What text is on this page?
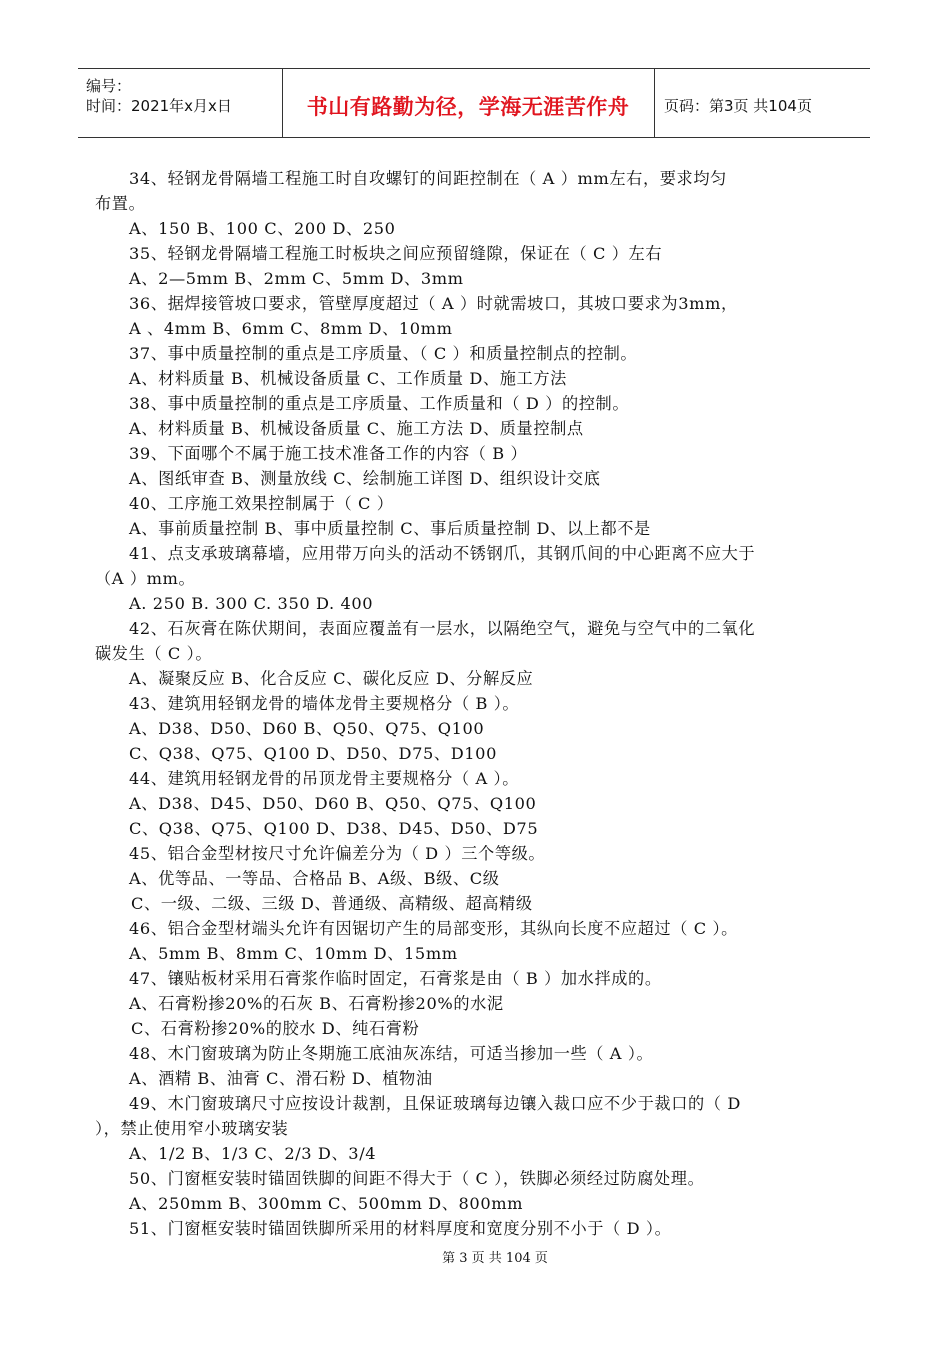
编号：
时间：2021年x月x日	书山有路勤为径，学海无涯苦作舟	页码：第3页 共104页
34、轻钢龙骨隔墙工程施工时自攻螺钉的间距控制在（ A ）mm左右，要求均匀
布置。
A、150 B、100 C、200 D、250
35、轻钢龙骨隔墙工程施工时板块之间应预留缝隙，保证在（ C ）左右
A、2—5mm B、2mm C、5mm D、3mm
36、据焊接管坡口要求，管壁厚度超过（ A ）时就需坡口，其坡口要求为3mm，
A 、4mm B、6mm C、8mm D、10mm
37、事中质量控制的重点是工序质量、（ C ）和质量控制点的控制。
A、材料质量 B、机械设备质量 C、工作质量 D、施工方法
38、事中质量控制的重点是工序质量、工作质量和（ D ）的控制。
A、材料质量 B、机械设备质量 C、施工方法 D、质量控制点
39、下面哪个不属于施工技术准备工作的内容（ B ）
A、图纸审查 B、测量放线 C、绘制施工详图 D、组织设计交底
40、工序施工效果控制属于（ C ）
A、事前质量控制 B、事中质量控制 C、事后质量控制 D、以上都不是
41、点支承玻璃幕墙，应用带万向头的活动不锈钢爪，其钢爪间的中心距离不应大于
（A ）mm。
A. 250 B. 300 C. 350 D. 400
42、石灰膏在陈伏期间，表面应覆盖有一层水，以隔绝空气，避免与空气中的二氧化
碳发生（ C ）。
A、凝聚反应 B、化合反应 C、碳化反应 D、分解反应
43、建筑用轻钢龙骨的墙体龙骨主要规格分（ B ）。
A、D38、D50、D60 B、Q50、Q75、Q100
C、Q38、Q75、Q100 D、D50、D75、D100
44、建筑用轻钢龙骨的吊顶龙骨主要规格分（ A ）。
A、D38、D45、D50、D60 B、Q50、Q75、Q100
C、Q38、Q75、Q100 D、D38、D45、D50、D75
45、铝合金型材按尺寸允许偏差分为（ D ）三个等级。
A、优等品、一等品、合格品 B、A级、B级、C级
C、一级、二级、三级 D、普通级、高精级、超高精级
46、铝合金型材端头允许有因锯切产生的局部变形，其纵向长度不应超过（ C ）。
A、5mm B、8mm C、10mm D、15mm
47、镶贴板材采用石膏浆作临时固定，石膏浆是由（ B ）加水拌成的。
A、石膏粉掺20%的石灰 B、石膏粉掺20%的水泥
C、石膏粉掺20%的胶水 D、纯石膏粉
48、木门窗玻璃为防止冬期施工底油灰冻结，可适当掺加一些（ A ）。
A、酒精 B、油膏 C、滑石粉 D、植物油
49、木门窗玻璃尺寸应按设计裁割，且保证玻璃每边镶入裁口应不少于裁口的（ D
），禁止使用窄小玻璃安装
A、1/2 B、1/3 C、2/3 D、3/4
50、门窗框安装时锚固铁脚的间距不得大于（ C ），铁脚必须经过防腐处理。
A、250mm B、300mm C、500mm D、800mm
51、门窗框安装时锚固铁脚所采用的材料厚度和宽度分别不小于（ D ）。
第 3 页 共 104 页
